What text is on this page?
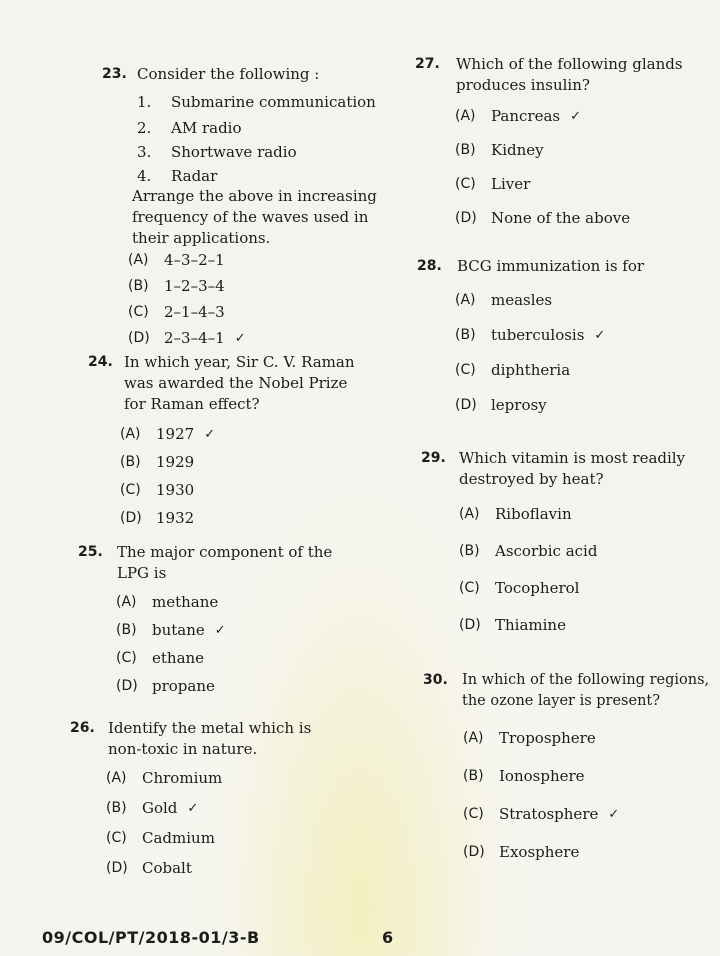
23. Consider the following :
1.	Submarine communication
2.	AM radio
3.	Shortwave radio
4.	Radar
Arrange the above in increasing
frequency of the waves used in
their applications.
(A)	4–3–2–1
(B)	1–2–3–4
(C)	2–1–4–3
(D) 2–3–4–1 ✓
24. In which year, Sir C. V. Raman
was awarded the Nobel Prize
for Raman effect?
(A)	1927 ✓
(B)	1929
(C)	1930
(D) 1932
25. The major component of the
LPG is
(A)	methane
(B)	butane ✓
(C)	ethane
(D) propane
26. Identify the metal which is
non-toxic in nature.
(A)	Chromium
(B)	Gold ✓
(C)	Cadmium
(D) Cobalt
27. Which of the following glands
produces insulin?
(A)	Pancreas ✓
(B)	Kidney
(C)	Liver
(D) None of the above
28. BCG immunization is for
(A)	measles
(B)	tuberculosis ✓
(C)	diphtheria
(D) leprosy
29. Which vitamin is most readily
destroyed by heat?
(A)	Riboflavin
(B)	Ascorbic acid
(C)	Tocopherol
(D) Thiamine
30. In which of the following regions,
the ozone layer is present?
(A)	Troposphere
(B)	Ionosphere
(C)	Stratosphere ✓
(D) Exosphere
09/COL/PT/2018-01/3-B	6
